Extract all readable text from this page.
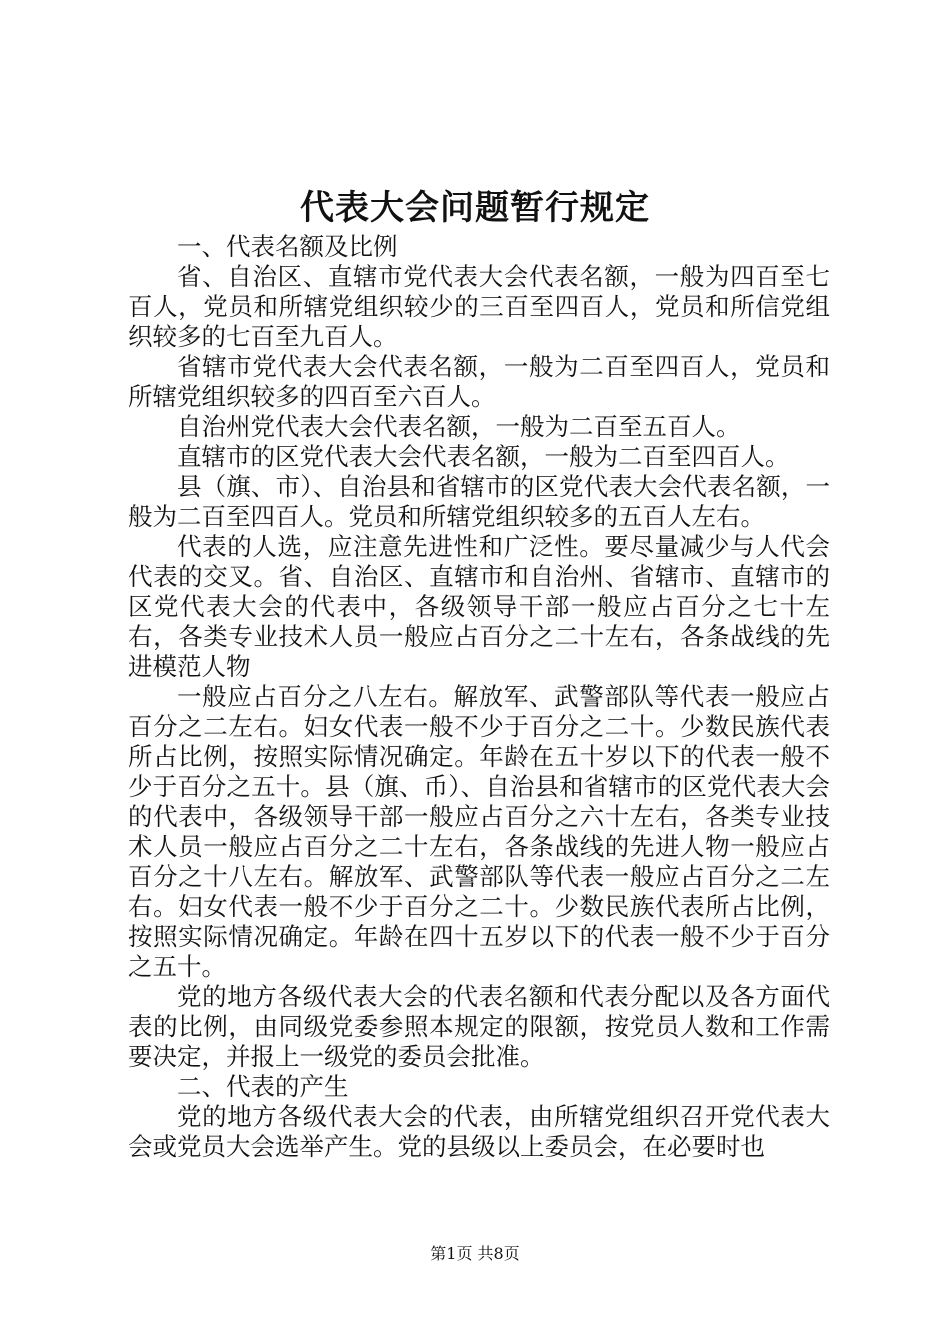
代表大会问题暂行规定

一、代表名额及比例

省、自治区、直辖市党代表大会代表名额，一般为四百至七百人，党员和所辖党组织较少的三百至四百人，党员和所信党组织较多的七百至九百人。

省辖市党代表大会代表名额，一般为二百至四百人，党员和所辖党组织较多的四百至六百人。

自治州党代表大会代表名额，一般为二百至五百人。

直辖市的区党代表大会代表名额，一般为二百至四百人。

县（旗、市）、自治县和省辖市的区党代表大会代表名额，一般为二百至四百人。党员和所辖党组织较多的五百人左右。

代表的人选，应注意先进性和广泛性。要尽量减少与人代会代表的交叉。省、自治区、直辖市和自治州、省辖市、直辖市的区党代表大会的代表中，各级领导干部一般应占百分之七十左右，各类专业技术人员一般应占百分之二十左右，各条战线的先进模范人物

一般应占百分之八左右。解放军、武警部队等代表一般应占百分之二左右。妇女代表一般不少于百分之二十。少数民族代表所占比例，按照实际情况确定。年龄在五十岁以下的代表一般不少于百分之五十。县（旗、币）、自治县和省辖市的区党代表大会的代表中，各级领导干部一般应占百分之六十左右，各类专业技术人员一般应占百分之二十左右，各条战线的先进人物一般应占百分之十八左右。解放军、武警部队等代表一般应占百分之二左右。妇女代表一般不少于百分之二十。少数民族代表所占比例，按照实际情况确定。年龄在四十五岁以下的代表一般不少于百分之五十。

党的地方各级代表大会的代表名额和代表分配以及各方面代表的比例，由同级党委参照本规定的限额，按党员人数和工作需要决定，并报上一级党的委员会批准。

二、代表的产生

党的地方各级代表大会的代表，由所辖党组织召开党代表大会或党员大会选举产生。党的县级以上委员会，在必要时也

第1页 共8页
